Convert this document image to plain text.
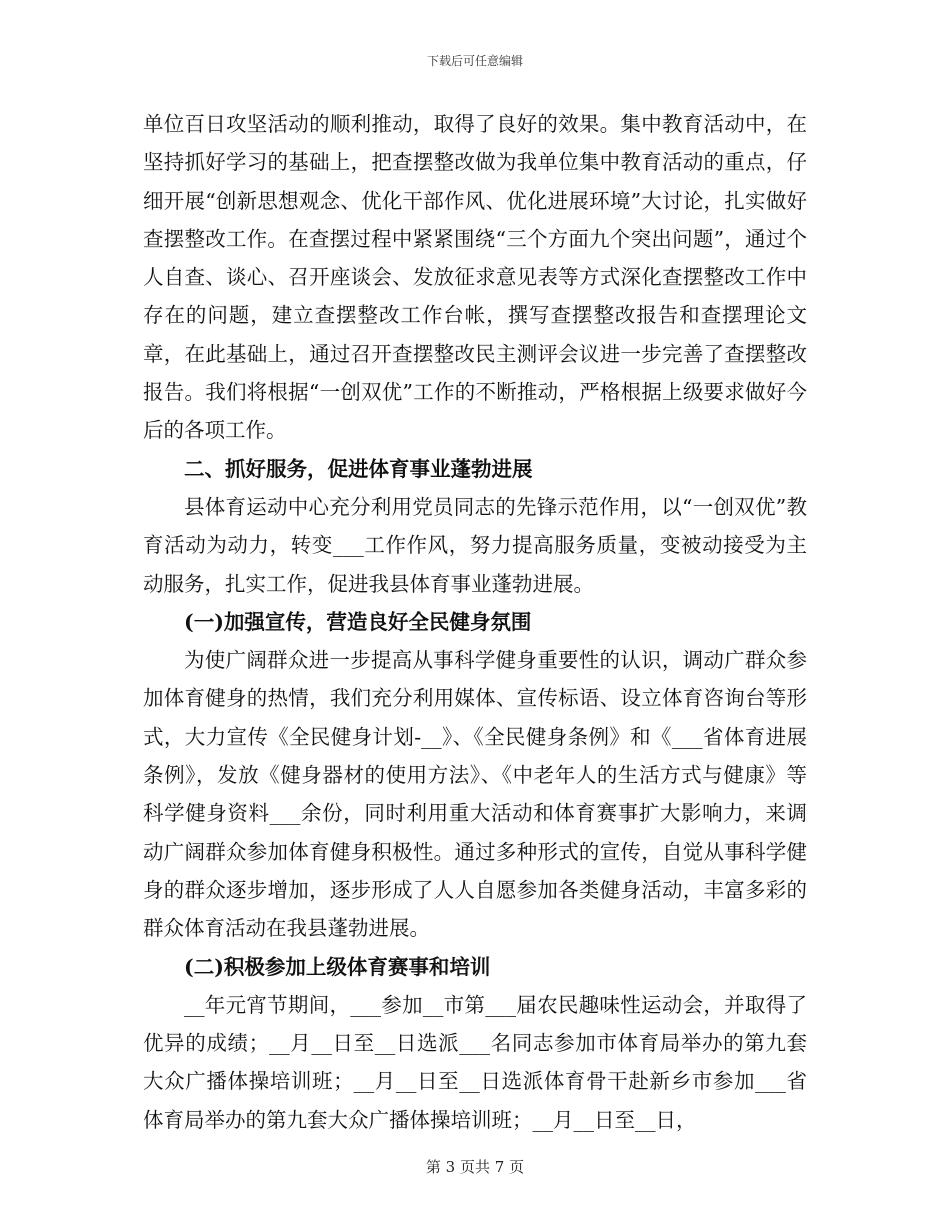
下载后可任意编辑

单位百日攻坚活动的顺利推动，取得了良好的效果。集中教育活动中，在坚持抓好学习的基础上，把查摆整改做为我单位集中教育活动的重点，仔细开展“创新思想观念、优化干部作风、优化进展环境”大讨论，扎实做好查摆整改工作。在查摆过程中紧紧围绕“三个方面九个突出问题”，通过个人自查、谈心、召开座谈会、发放征求意见表等方式深化查摆整改工作中存在的问题，建立查摆整改工作台帐，撰写查摆整改报告和查摆理论文章，在此基础上，通过召开查摆整改民主测评会议进一步完善了查摆整改报告。我们将根据“一创双优”工作的不断推动，严格根据上级要求做好今后的各项工作。

二、抓好服务，促进体育事业蓬勃进展

县体育运动中心充分利用党员同志的先锋示范作用，以“一创双优”教育活动为动力，转变___工作作风，努力提高服务质量，变被动接受为主动服务，扎实工作，促进我县体育事业蓬勃进展。

(一)加强宣传，营造良好全民健身氛围

为使广阔群众进一步提高从事科学健身重要性的认识，调动广群众参加体育健身的热情，我们充分利用媒体、宣传标语、设立体育咨询台等形式，大力宣传《全民健身计划-__》、《全民健身条例》和《___省体育进展条例》，发放《健身器材的使用方法》、《中老年人的生活方式与健康》等科学健身资料___余份，同时利用重大活动和体育赛事扩大影响力，来调动广阔群众参加体育健身积极性。通过多种形式的宣传，自觉从事科学健身的群众逐步增加，逐步形成了人人自愿参加各类健身活动，丰富多彩的群众体育活动在我县蓬勃进展。

(二)积极参加上级体育赛事和培训

__年元宵节期间，___参加__市第___届农民趣味性运动会，并取得了优异的成绩；__月__日至__日选派___名同志参加市体育局举办的第九套大众广播体操培训班；__月__日至__日选派体育骨干赴新乡市参加___省体育局举办的第九套大众广播体操培训班；__月__日至__日，

第 3 页共 7 页
